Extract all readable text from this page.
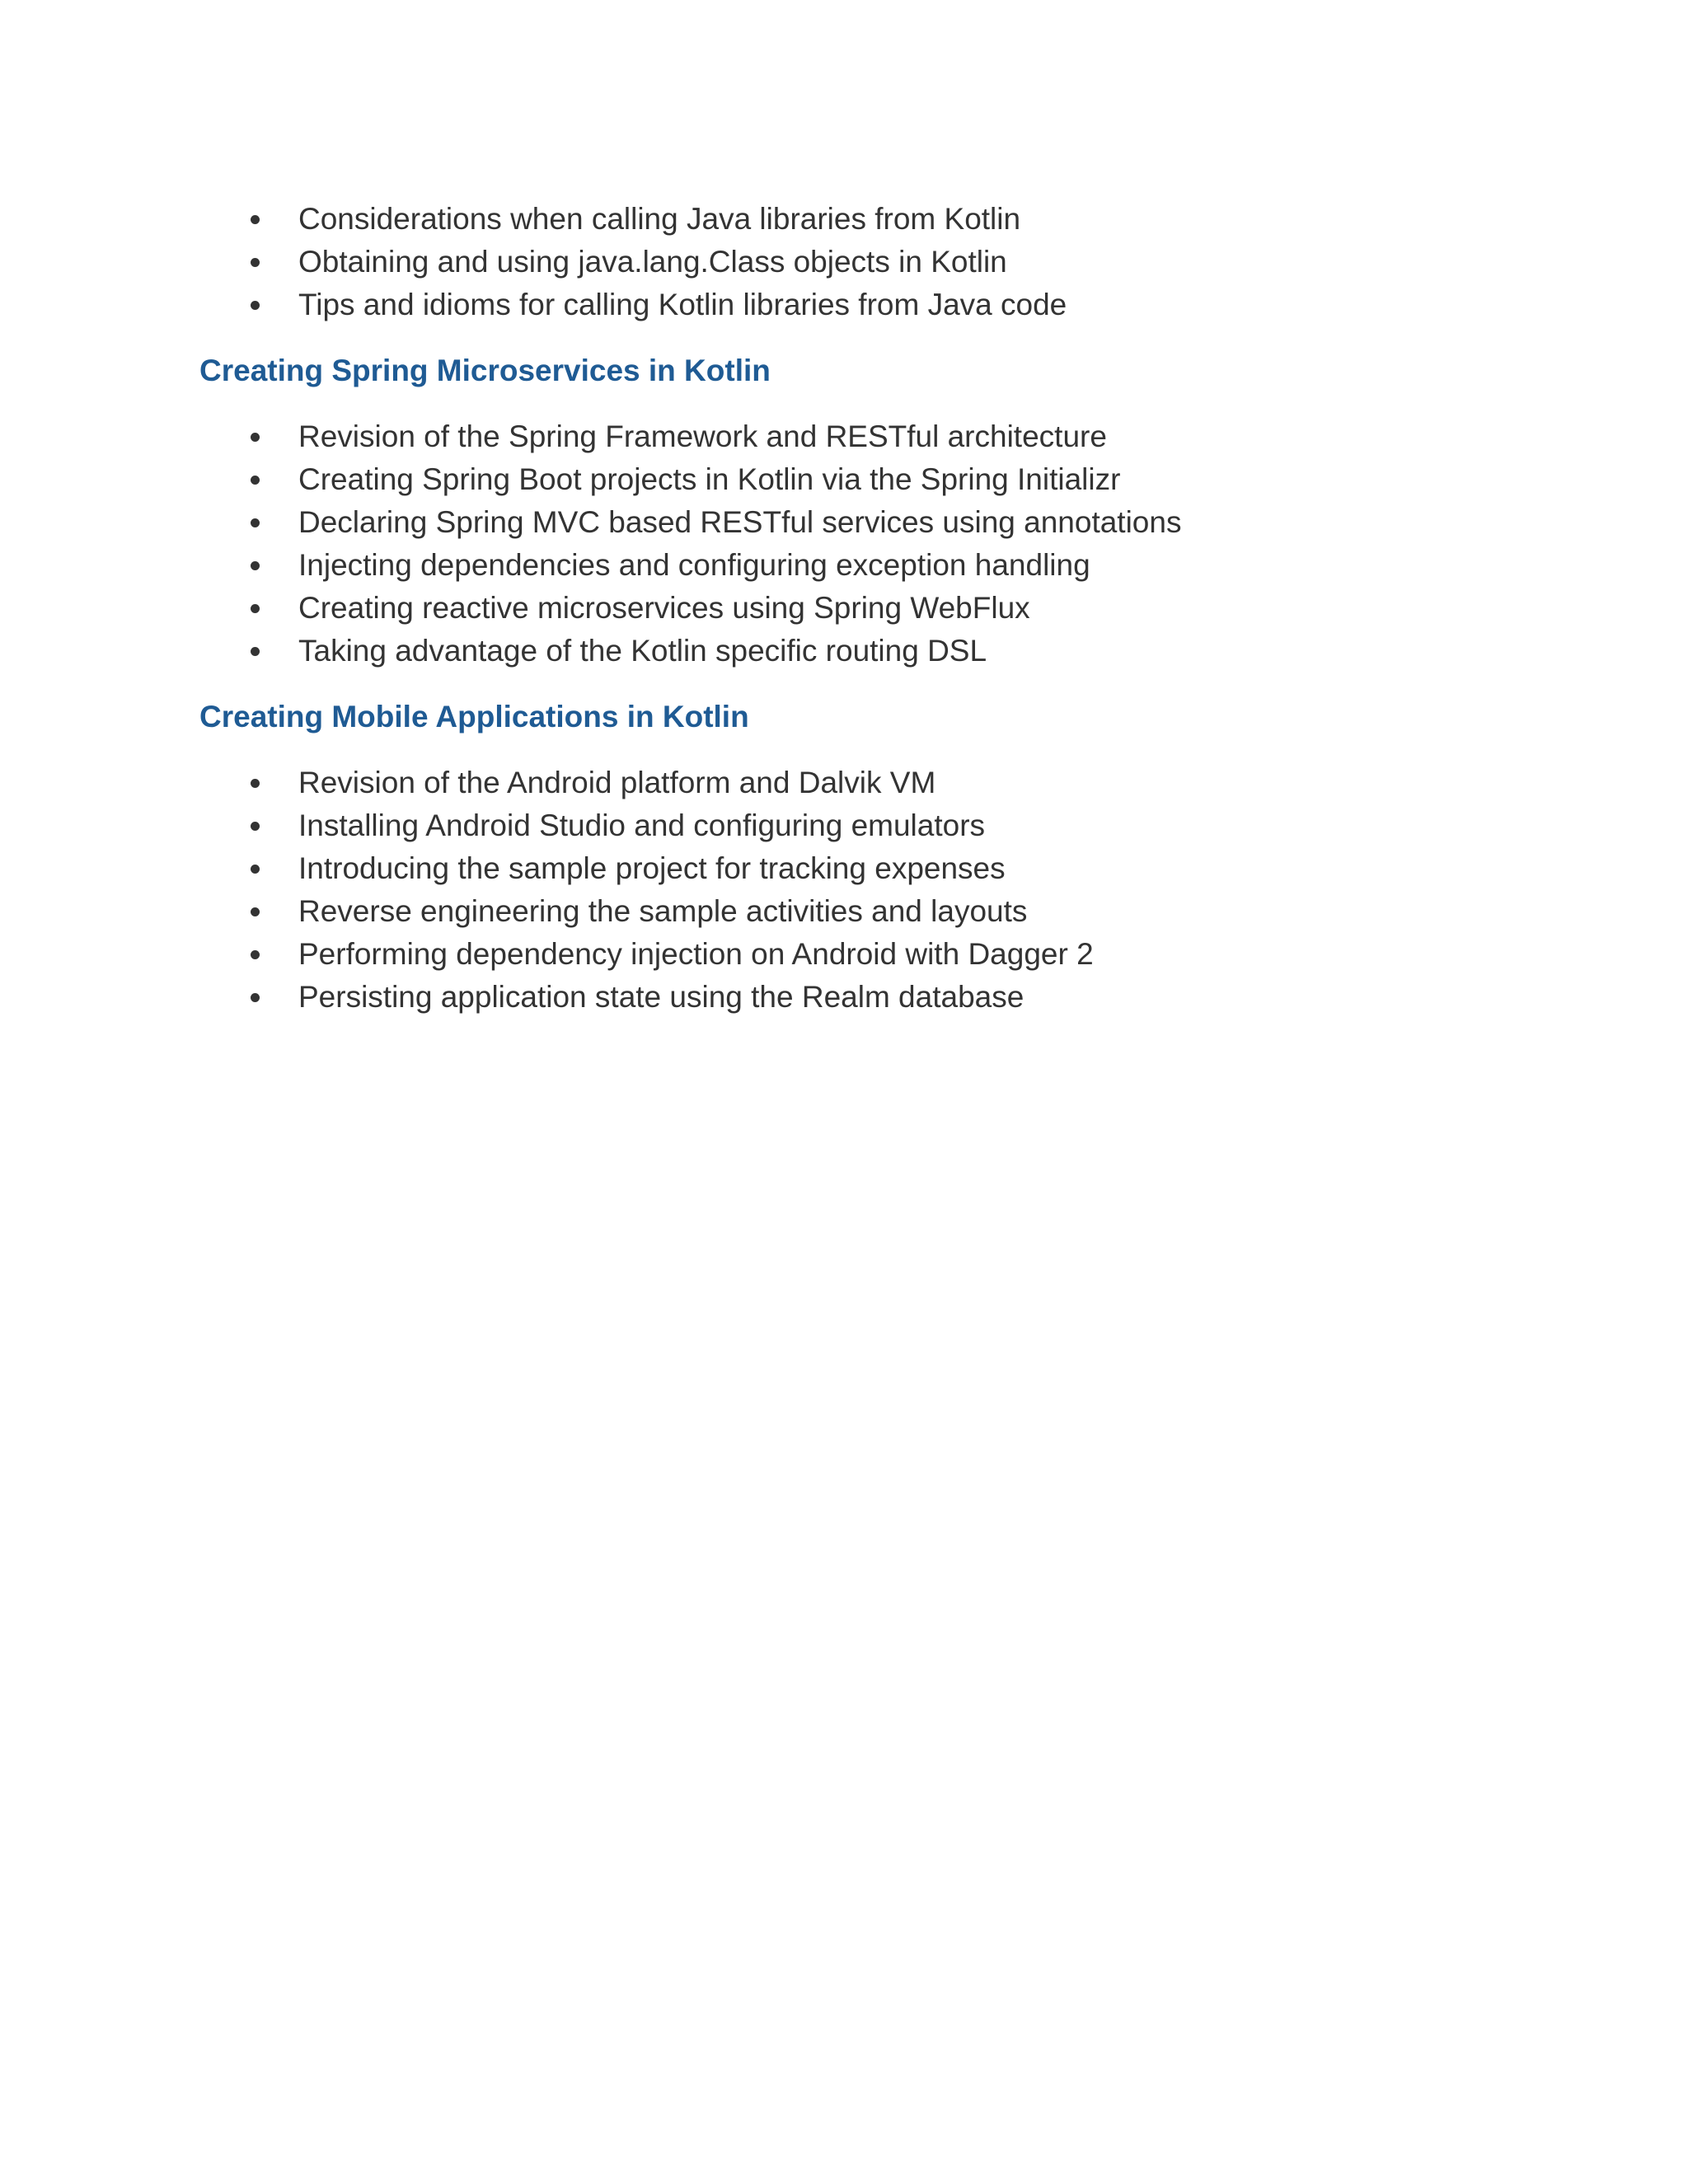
Considerations when calling Java libraries from Kotlin
Obtaining and using java.lang.Class objects in Kotlin
Tips and idioms for calling Kotlin libraries from Java code
Creating Spring Microservices in Kotlin
Revision of the Spring Framework and RESTful architecture
Creating Spring Boot projects in Kotlin via the Spring Initializr
Declaring Spring MVC based RESTful services using annotations
Injecting dependencies and configuring exception handling
Creating reactive microservices using Spring WebFlux
Taking advantage of the Kotlin specific routing DSL
Creating Mobile Applications in Kotlin
Revision of the Android platform and Dalvik VM
Installing Android Studio and configuring emulators
Introducing the sample project for tracking expenses
Reverse engineering the sample activities and layouts
Performing dependency injection on Android with Dagger 2
Persisting application state using the Realm database
